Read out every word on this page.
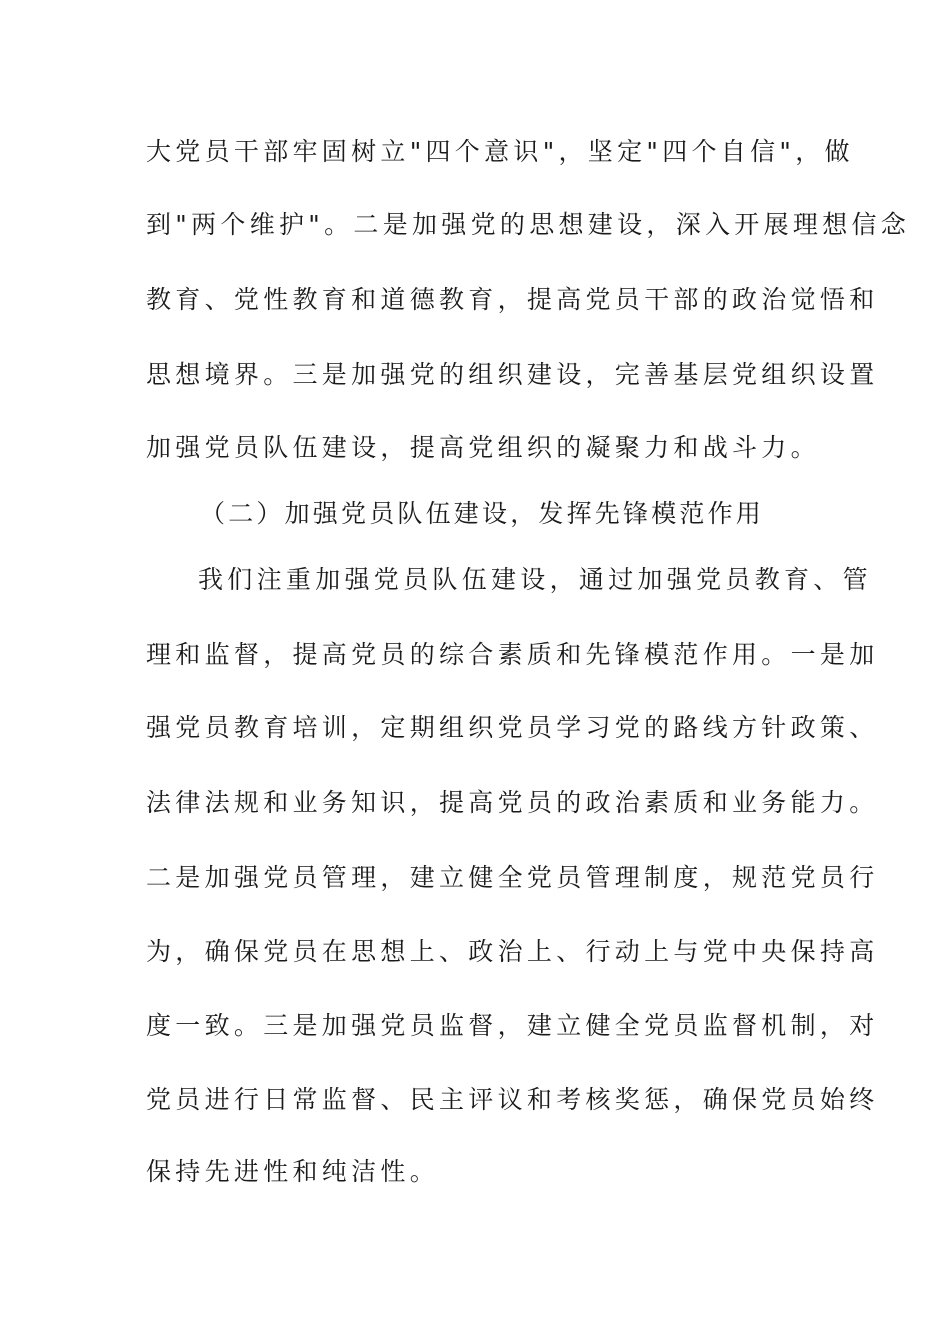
大党员干部牢固树立"四个意识"，坚定"四个自信"，做
到"两个维护"。二是加强党的思想建设，深入开展理想信念
教育、党性教育和道德教育，提高党员干部的政治觉悟和
思想境界。三是加强党的组织建设，完善基层党组织设置
加强党员队伍建设，提高党组织的凝聚力和战斗力。
（二）加强党员队伍建设，发挥先锋模范作用
我们注重加强党员队伍建设，通过加强党员教育、管
理和监督，提高党员的综合素质和先锋模范作用。一是加
强党员教育培训，定期组织党员学习党的路线方针政策、
法律法规和业务知识，提高党员的政治素质和业务能力。
二是加强党员管理，建立健全党员管理制度，规范党员行
为，确保党员在思想上、政治上、行动上与党中央保持高
度一致。三是加强党员监督，建立健全党员监督机制，对
党员进行日常监督、民主评议和考核奖惩，确保党员始终
保持先进性和纯洁性。
